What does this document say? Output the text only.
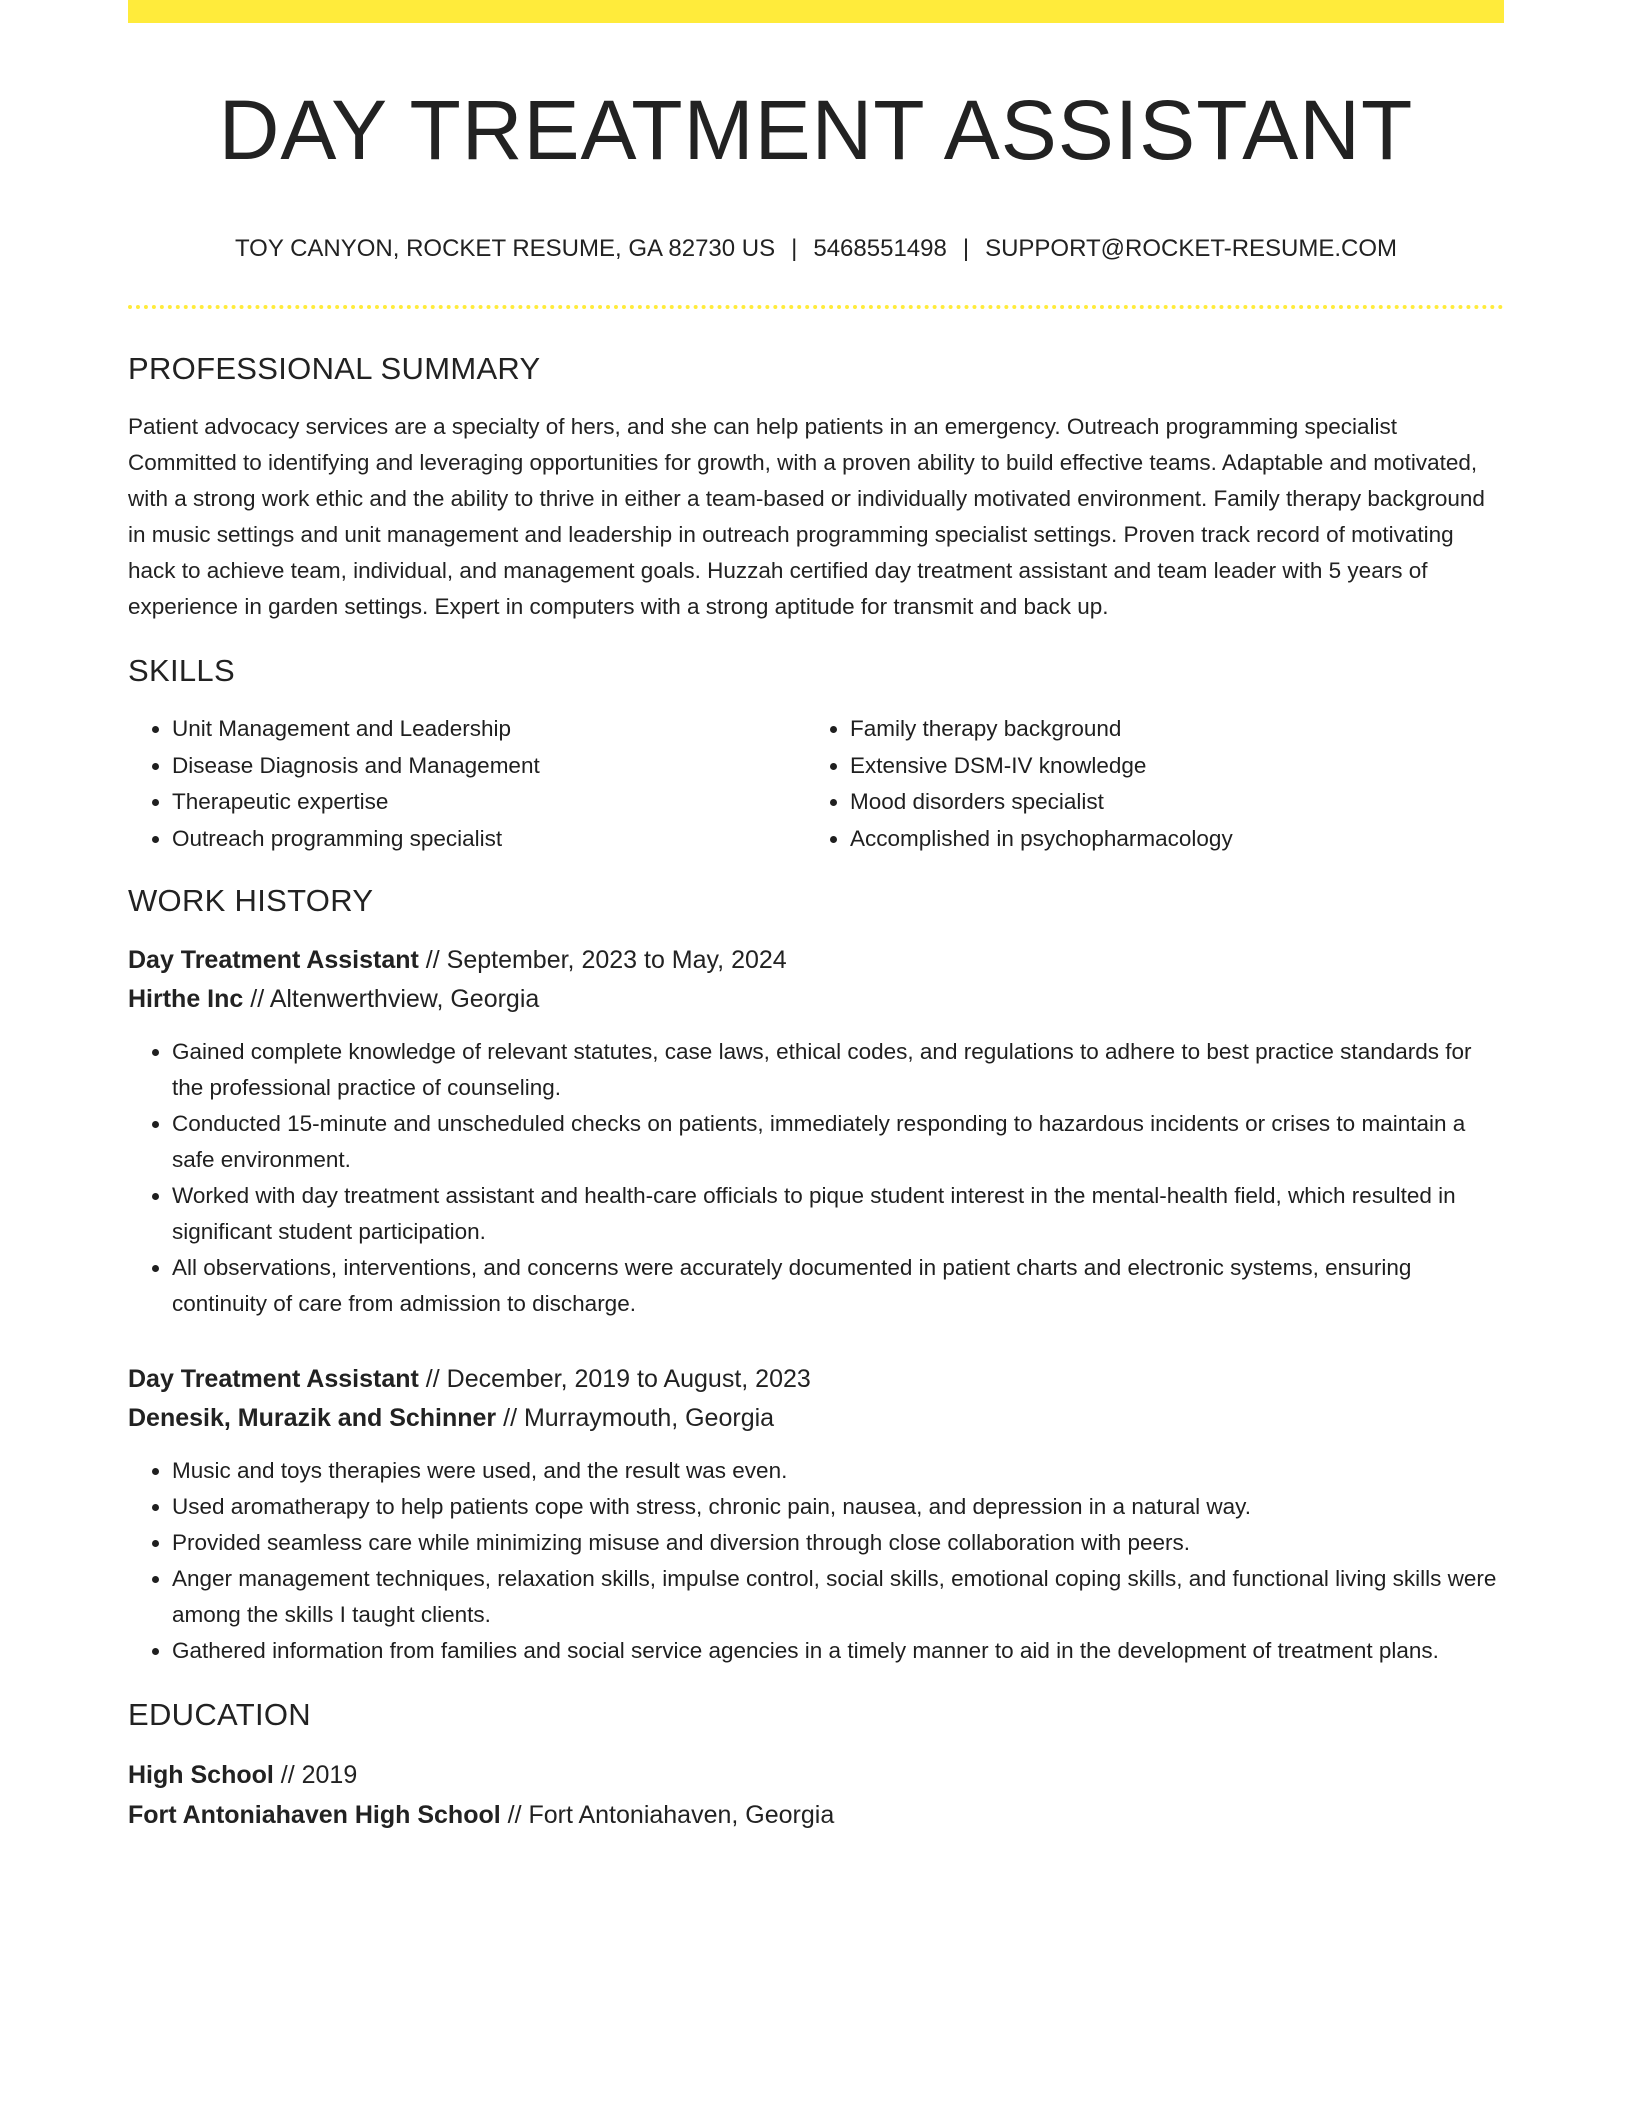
DAY TREATMENT ASSISTANT
TOY CANYON, ROCKET RESUME, GA 82730 US | 5468551498 | SUPPORT@ROCKET-RESUME.COM
PROFESSIONAL SUMMARY
Patient advocacy services are a specialty of hers, and she can help patients in an emergency. Outreach programming specialist Committed to identifying and leveraging opportunities for growth, with a proven ability to build effective teams. Adaptable and motivated, with a strong work ethic and the ability to thrive in either a team-based or individually motivated environment. Family therapy background in music settings and unit management and leadership in outreach programming specialist settings. Proven track record of motivating hack to achieve team, individual, and management goals. Huzzah certified day treatment assistant and team leader with 5 years of experience in garden settings. Expert in computers with a strong aptitude for transmit and back up.
SKILLS
• Unit Management and Leadership
• Disease Diagnosis and Management
• Therapeutic expertise
• Outreach programming specialist
• Family therapy background
• Extensive DSM-IV knowledge
• Mood disorders specialist
• Accomplished in psychopharmacology
WORK HISTORY
Day Treatment Assistant // September, 2023 to May, 2024
Hirthe Inc // Altenwerthview, Georgia
• Gained complete knowledge of relevant statutes, case laws, ethical codes, and regulations to adhere to best practice standards for the professional practice of counseling.
• Conducted 15-minute and unscheduled checks on patients, immediately responding to hazardous incidents or crises to maintain a safe environment.
• Worked with day treatment assistant and health-care officials to pique student interest in the mental-health field, which resulted in significant student participation.
• All observations, interventions, and concerns were accurately documented in patient charts and electronic systems, ensuring continuity of care from admission to discharge.
Day Treatment Assistant // December, 2019 to August, 2023
Denesik, Murazik and Schinner // Murraymouth, Georgia
• Music and toys therapies were used, and the result was even.
• Used aromatherapy to help patients cope with stress, chronic pain, nausea, and depression in a natural way.
• Provided seamless care while minimizing misuse and diversion through close collaboration with peers.
• Anger management techniques, relaxation skills, impulse control, social skills, emotional coping skills, and functional living skills were among the skills I taught clients.
• Gathered information from families and social service agencies in a timely manner to aid in the development of treatment plans.
EDUCATION
High School // 2019
Fort Antoniahaven High School // Fort Antoniahaven, Georgia
